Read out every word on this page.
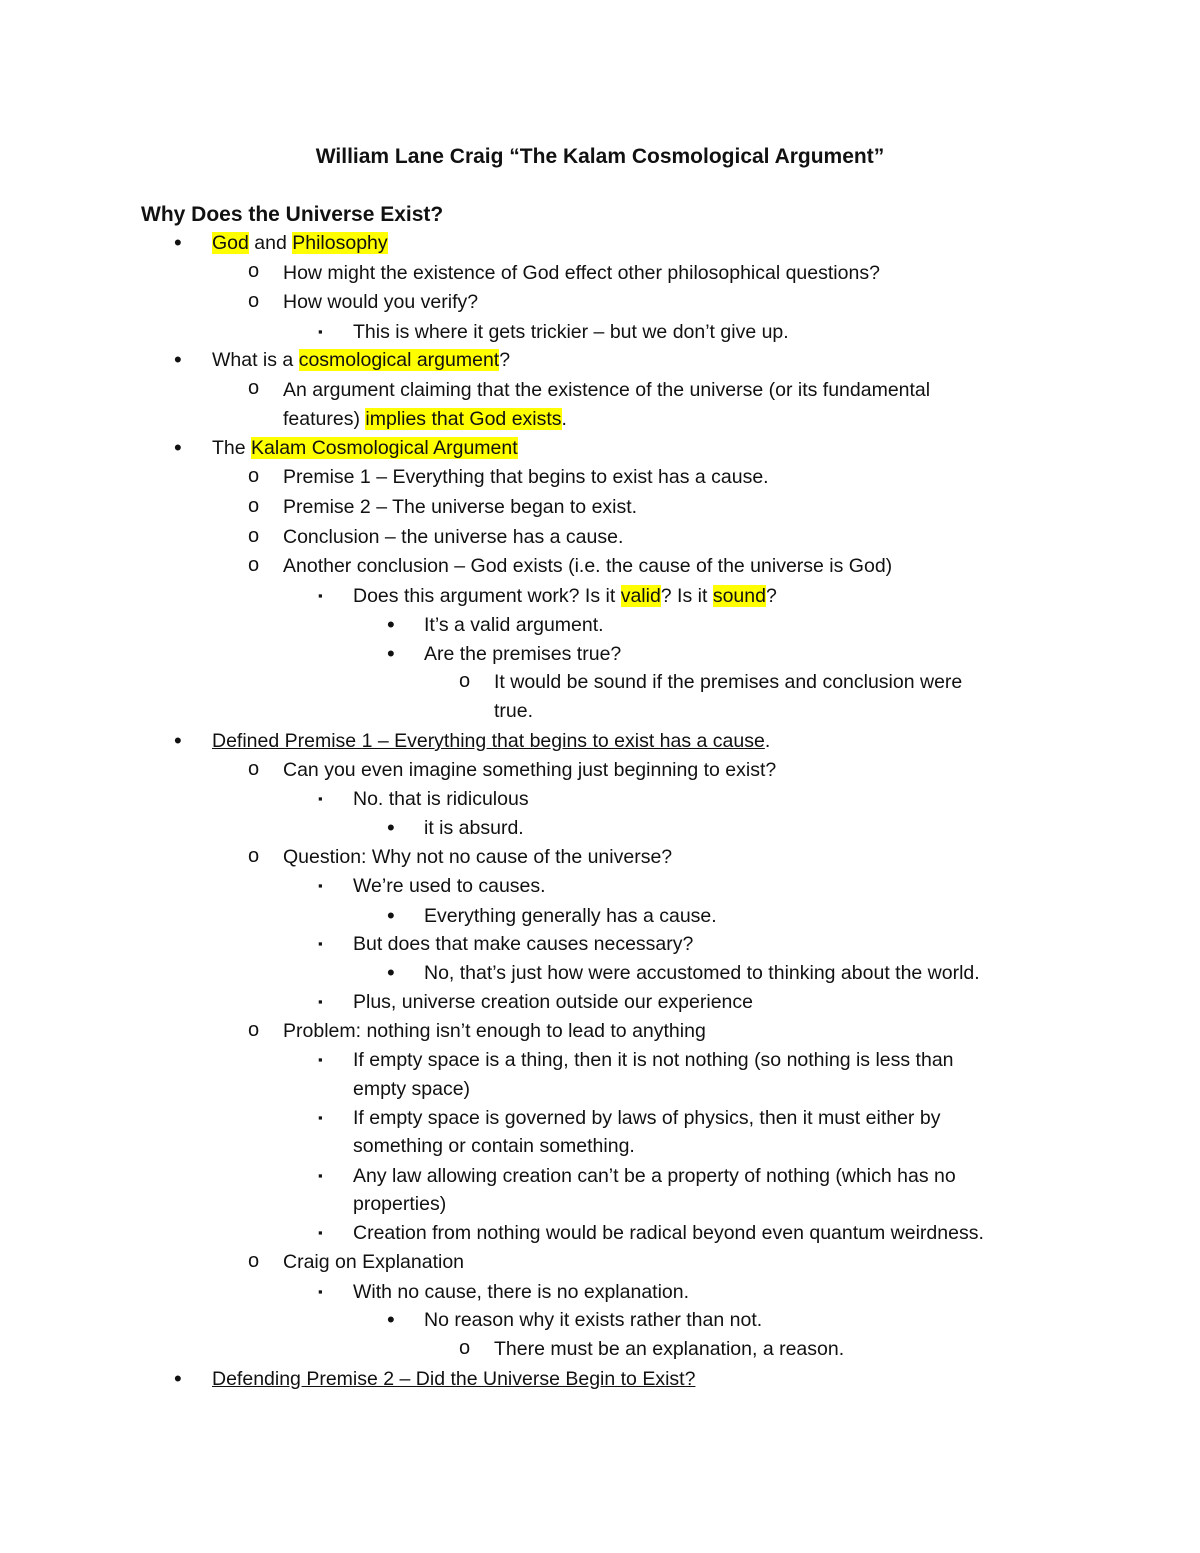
William Lane Craig “The Kalam Cosmological Argument”
Why Does the Universe Exist?
• God and Philosophy
o How might the existence of God effect other philosophical questions?
o How would you verify?
▪ This is where it gets trickier – but we don’t give up.
• What is a cosmological argument?
o An argument claiming that the existence of the universe (or its fundamental
features) implies that God exists.
• The Kalam Cosmological Argument
o Premise 1 – Everything that begins to exist has a cause.
o Premise 2 – The universe began to exist.
o Conclusion – the universe has a cause.
o Another conclusion – God exists (i.e. the cause of the universe is God)
▪ Does this argument work? Is it valid? Is it sound?
• It’s a valid argument.
• Are the premises true?
o It would be sound if the premises and conclusion were
true.
• Defined Premise 1 – Everything that begins to exist has a cause.
o Can you even imagine something just beginning to exist?
▪ No. that is ridiculous
• it is absurd.
o Question: Why not no cause of the universe?
▪ We’re used to causes.
• Everything generally has a cause.
▪ But does that make causes necessary?
• No, that’s just how were accustomed to thinking about the world.
▪ Plus, universe creation outside our experience
o Problem: nothing isn’t enough to lead to anything
▪ If empty space is a thing, then it is not nothing (so nothing is less than
empty space)
▪ If empty space is governed by laws of physics, then it must either by
something or contain something.
▪ Any law allowing creation can’t be a property of nothing (which has no
properties)
▪ Creation from nothing would be radical beyond even quantum weirdness.
o Craig on Explanation
▪ With no cause, there is no explanation.
• No reason why it exists rather than not.
o There must be an explanation, a reason.
• Defending Premise 2 – Did the Universe Begin to Exist?
